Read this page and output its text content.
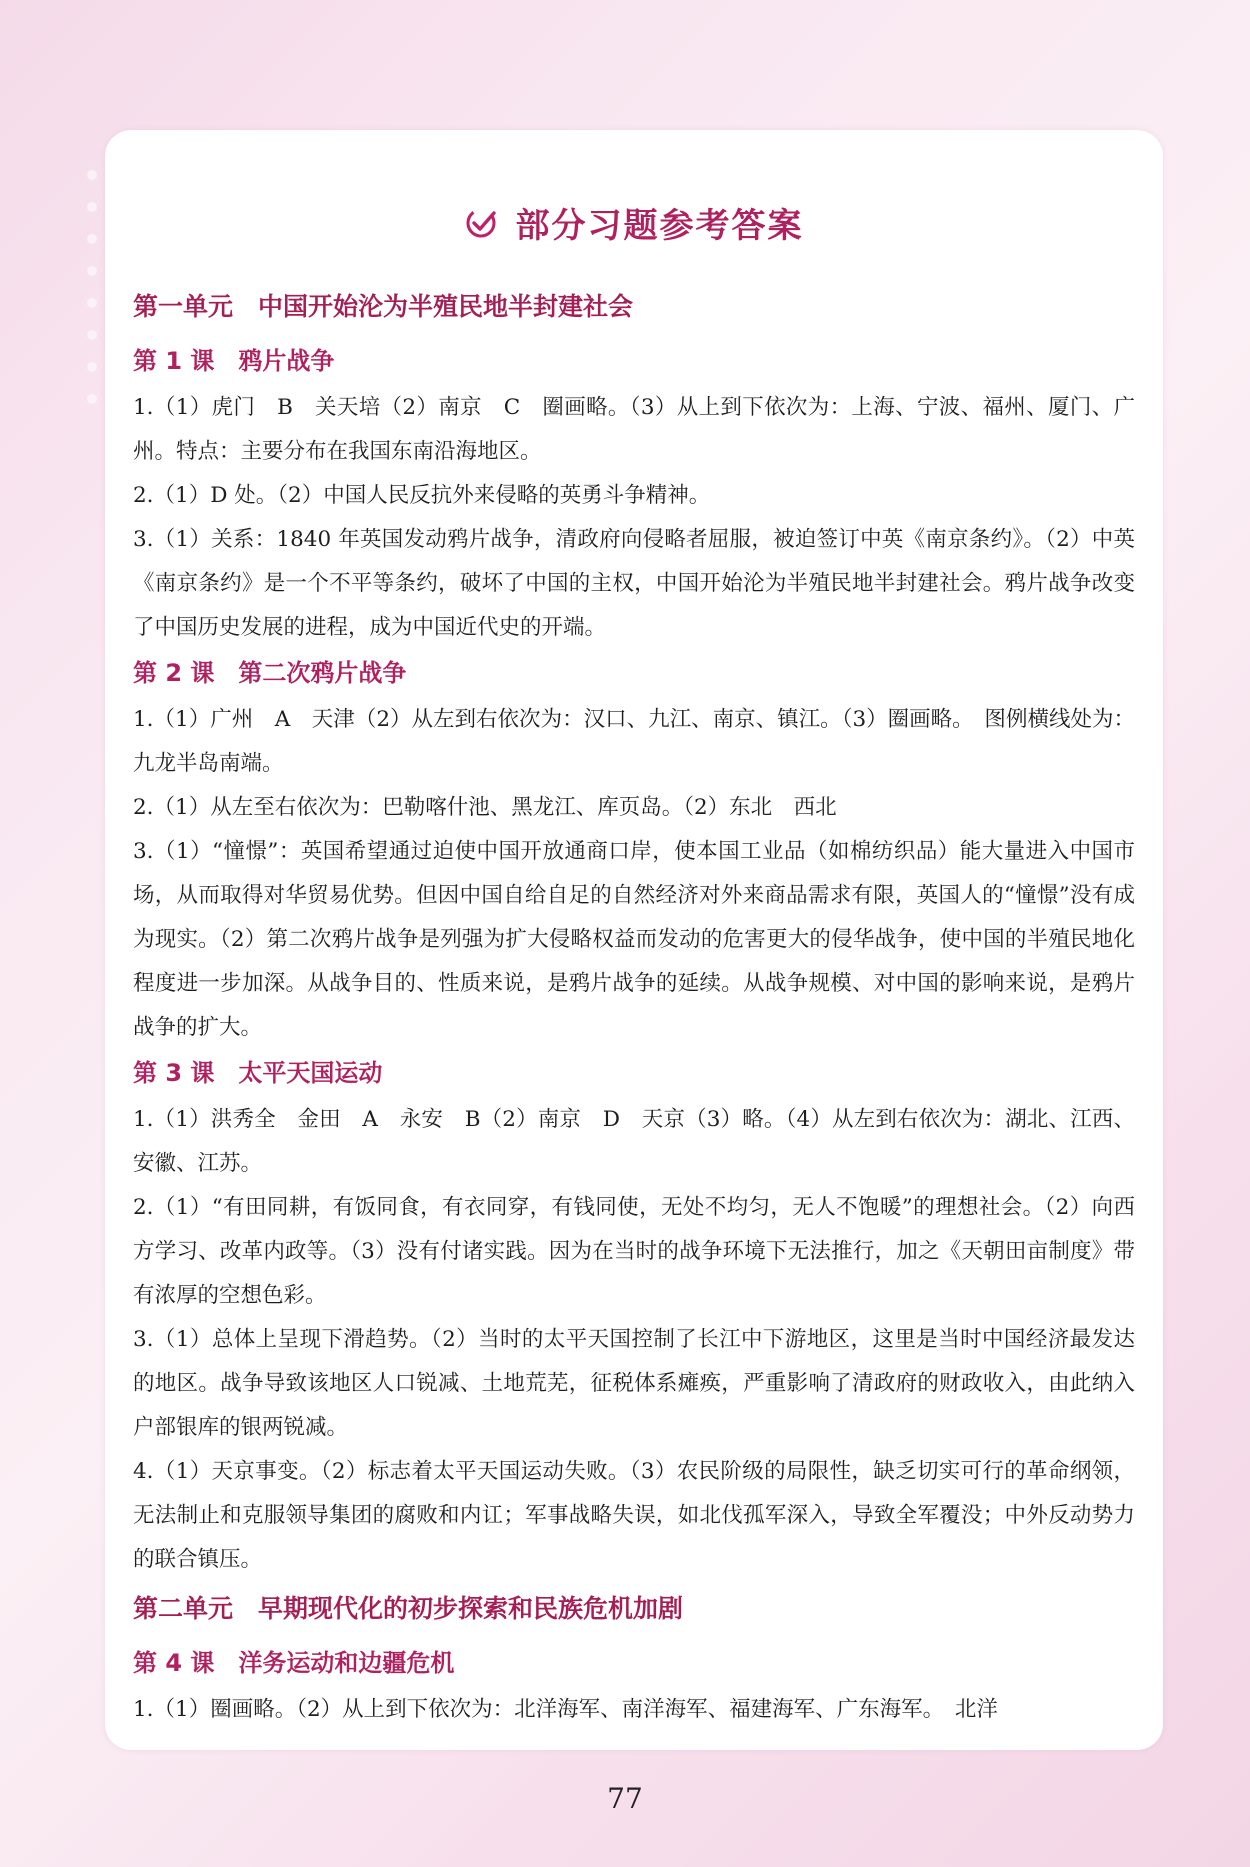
部分习题参考答案
第一单元　中国开始沦为半殖民地半封建社会
第 1 课　鸦片战争
1.（1）虎门　B　关天培（2）南京　C　圈画略。（3）从上到下依次为：上海、宁波、福州、厦门、广州。特点：主要分布在我国东南沿海地区。
2.（1）D 处。（2）中国人民反抗外来侵略的英勇斗争精神。
3.（1）关系：1840 年英国发动鸦片战争，清政府向侵略者屈服，被迫签订中英《南京条约》。（2）中英《南京条约》是一个不平等条约，破坏了中国的主权，中国开始沦为半殖民地半封建社会。鸦片战争改变了中国历史发展的进程，成为中国近代史的开端。
第 2 课　第二次鸦片战争
1.（1）广州　A　天津（2）从左到右依次为：汉口、九江、南京、镇江。（3）圈画略。　图例横线处为：九龙半岛南端。
2.（1）从左至右依次为：巴勒喀什池、黑龙江、库页岛。（2）东北　西北
3.（1）“憧憬”：英国希望通过迫使中国开放通商口岸，使本国工业品（如棉纺织品）能大量进入中国市场，从而取得对华贸易优势。但因中国自给自足的自然经济对外来商品需求有限，英国人的“憧憬”没有成为现实。（2）第二次鸦片战争是列强为扩大侵略权益而发动的危害更大的侵华战争，使中国的半殖民地化程度进一步加深。从战争目的、性质来说，是鸦片战争的延续。从战争规模、对中国的影响来说，是鸦片战争的扩大。
第 3 课　太平天国运动
1.（1）洪秀全　金田　A　永安　B（2）南京　D　天京（3）略。（4）从左到右依次为：湖北、江西、安徽、江苏。
2.（1）“有田同耕，有饭同食，有衣同穿，有钱同使，无处不均匀，无人不饱暖”的理想社会。（2）向西方学习、改革内政等。（3）没有付诸实践。因为在当时的战争环境下无法推行，加之《天朝田亩制度》带有浓厚的空想色彩。
3.（1）总体上呈现下滑趋势。（2）当时的太平天国控制了长江中下游地区，这里是当时中国经济最发达的地区。战争导致该地区人口锐减、土地荒芜，征税体系瘫痪，严重影响了清政府的财政收入，由此纳入户部银库的银两锐减。
4.（1）天京事变。（2）标志着太平天国运动失败。（3）农民阶级的局限性，缺乏切实可行的革命纲领，无法制止和克服领导集团的腐败和内讧；军事战略失误，如北伐孤军深入，导致全军覆没；中外反动势力的联合镇压。
第二单元　早期现代化的初步探索和民族危机加剧
第 4 课　洋务运动和边疆危机
1.（1）圈画略。（2）从上到下依次为：北洋海军、南洋海军、福建海军、广东海军。　北洋
77
